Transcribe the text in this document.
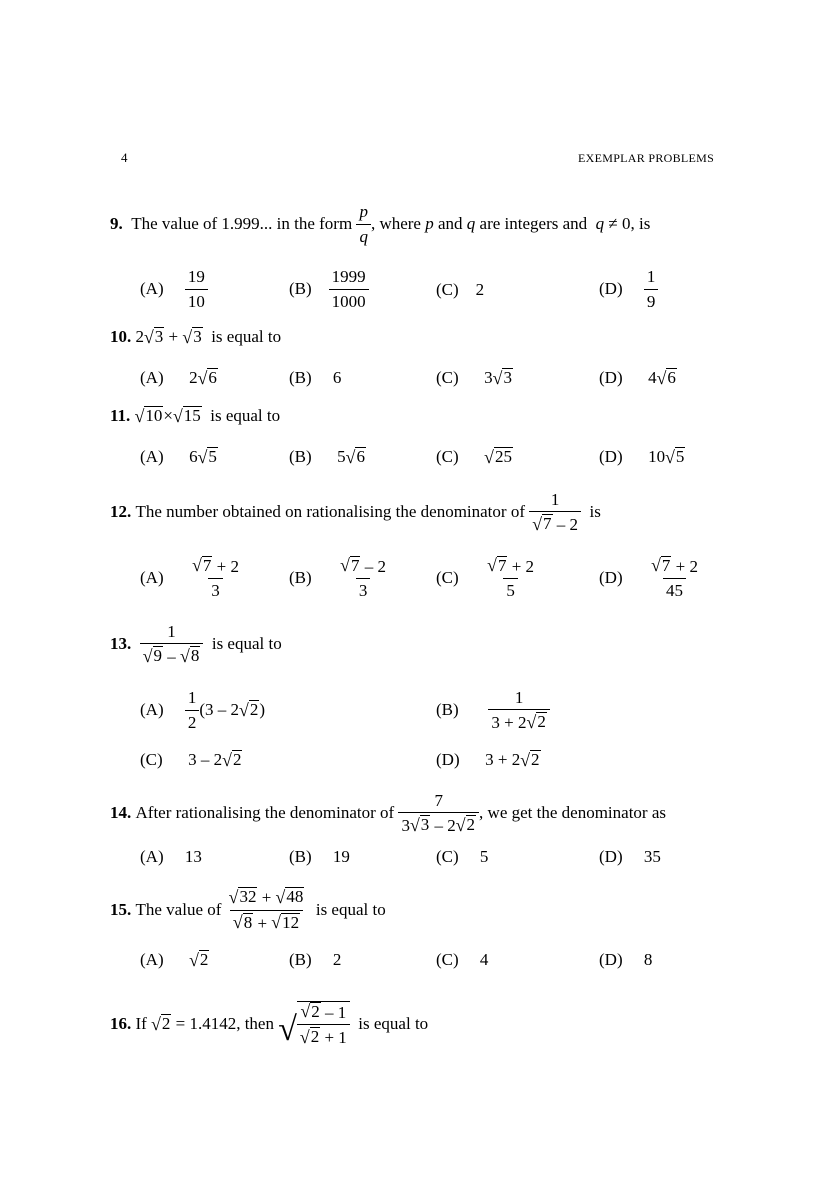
4	EXEMPLAR PROBLEMS
9.
The value of 1.999... in the form
$\frac{p}{q}$ , where
p
and
q
are integers and
q
≠ 0 , is
(A)
$\frac{19}{10}$	(B)
$\frac{1999}{1000}$	(C) 2	(D)
$\frac{1}{9}$
10.
2 √ 3
+
√ 3
is equal to
(A)
2 √ 6	(B) 6	(C)
3 √ 3	(D)
4 √ 6
11.
√ 10 × √ 15
is equal to
(A)
6 √ 5	(B)
5 √ 6	(C)
√ 25	(D)
10 √ 5
12.
The number obtained on rationalising the denominator of
$\frac{1}{√ 7 - 2}$
is
(A)
$\frac{√ 7 + 2}{3}$	(B)
$\frac{√ 7 - 2}{3}$	(C)
$\frac{√ 7 + 2}{5}$	(D)
$\frac{√ 7 + 2}{45}$
13.
$\frac{1}{√ 9 - √ 8}$
is equal to
(A)
$\frac{1}{2} (3 - 2$ √ 2 )	(B)
$\frac{1}{3 + 2 √ 2}$
(C)
3 – 2 √ 2	(D)
3 + 2 √ 2
14.
After rationalising the denominator of
$\frac{7}{3 √ 3 - 2 √ 2}$ , we get the denominator as
(A) 13	(B) 19	(C) 5	(D) 35
15.
The value of
$\frac{√ 32 + √ 48}{√ 8 + √ 12}$
is equal to
(A)
√ 2	(B) 2	(C) 4	(D) 8
16.
If
√ 2
= 1.4142, then
√ $\frac{√ 2 - 1}{√ 2 + 1}$
is equal to
